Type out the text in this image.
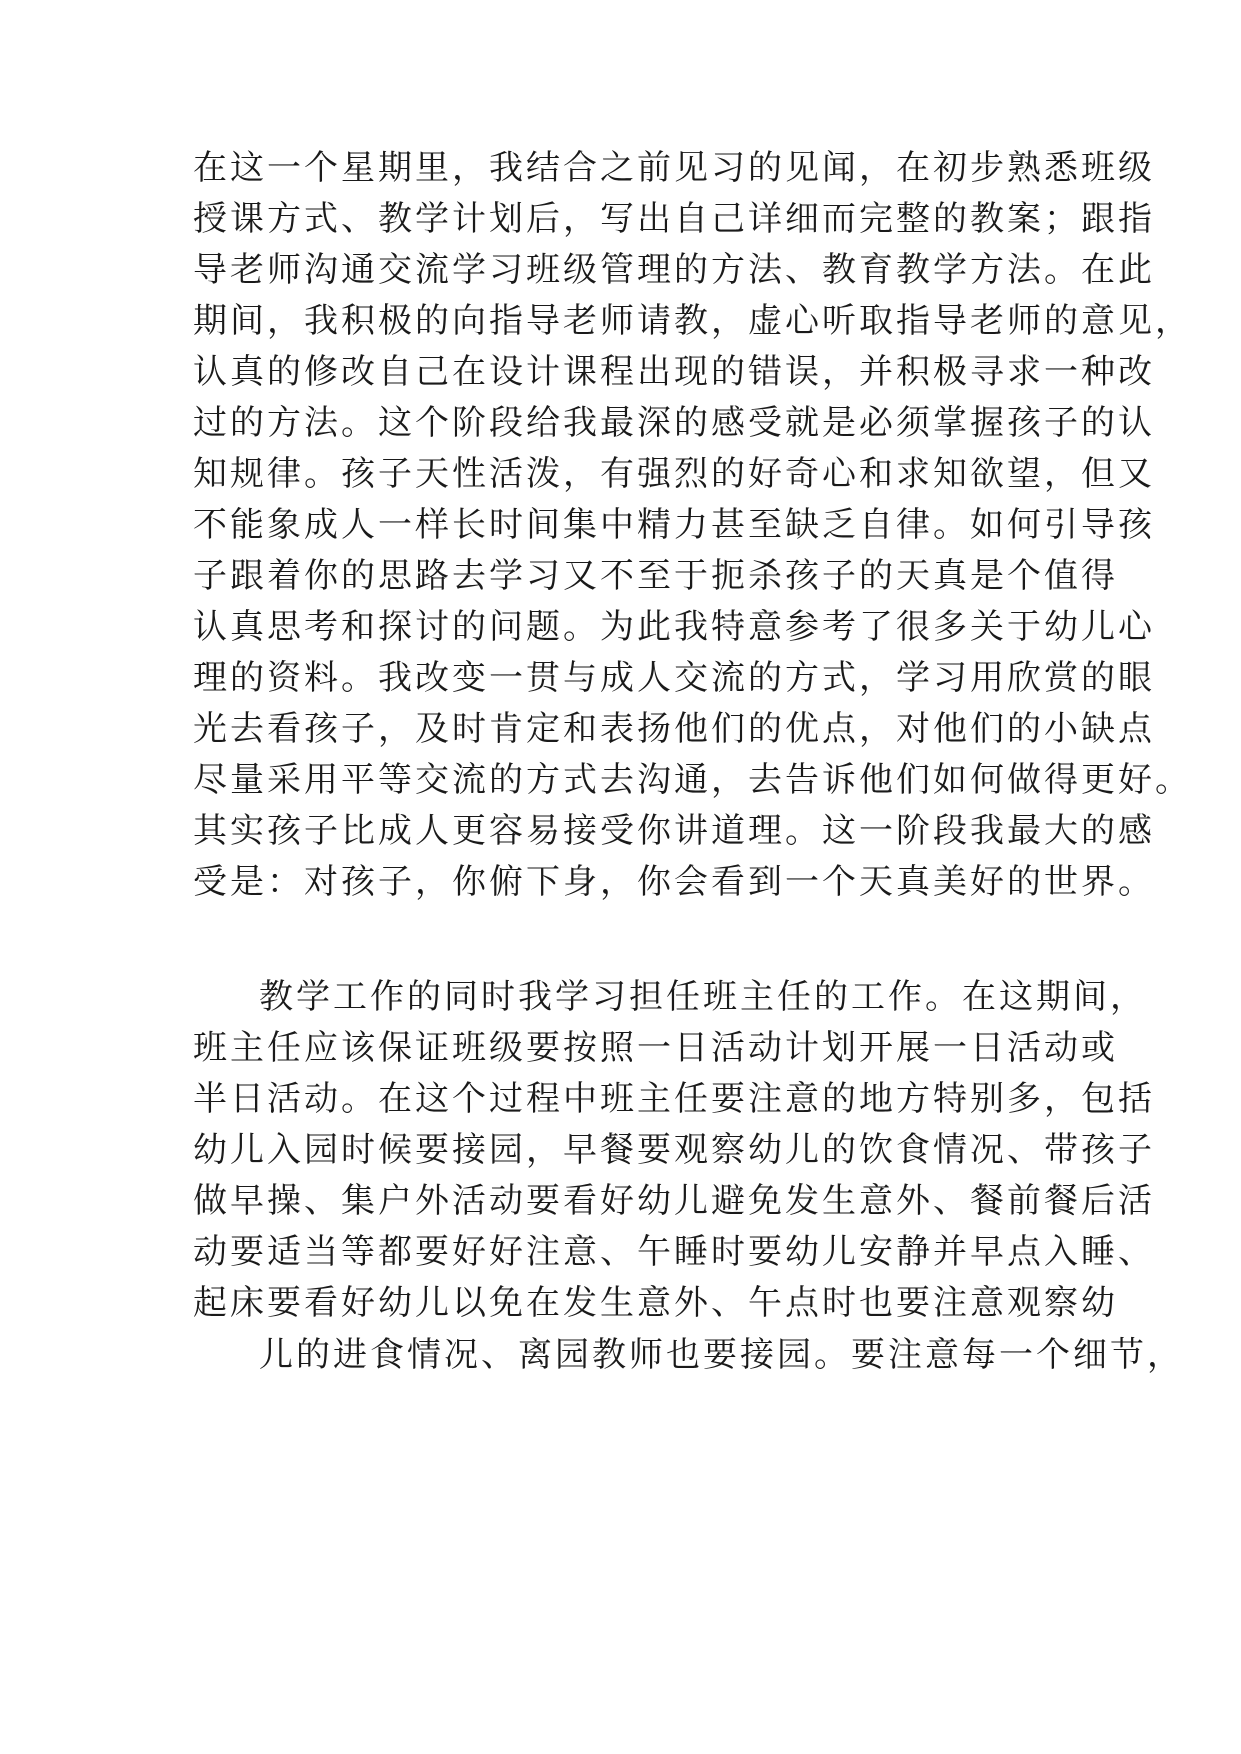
在这一个星期里，我结合之前见习的见闻，在初步熟悉班级
授课方式、教学计划后，写出自己详细而完整的教案；跟指
导老师沟通交流学习班级管理的方法、教育教学方法。在此
期间，我积极的向指导老师请教，虚心听取指导老师的意见，
认真的修改自己在设计课程出现的错误，并积极寻求一种改
过的方法。这个阶段给我最深的感受就是必须掌握孩子的认
知规律。孩子天性活泼，有强烈的好奇心和求知欲望，但又
不能象成人一样长时间集中精力甚至缺乏自律。如何引导孩
子跟着你的思路去学习又不至于扼杀孩子的天真是个值得
认真思考和探讨的问题。为此我特意参考了很多关于幼儿心
理的资料。我改变一贯与成人交流的方式，学习用欣赏的眼
光去看孩子，及时肯定和表扬他们的优点，对他们的小缺点
尽量采用平等交流的方式去沟通，去告诉他们如何做得更好。
其实孩子比成人更容易接受你讲道理。这一阶段我最大的感
受是：对孩子，你俯下身，你会看到一个天真美好的世界。
教学工作的同时我学习担任班主任的工作。在这期间，
班主任应该保证班级要按照一日活动计划开展一日活动或
半日活动。在这个过程中班主任要注意的地方特别多，包括
幼儿入园时候要接园，早餐要观察幼儿的饮食情况、带孩子
做早操、集户外活动要看好幼儿避免发生意外、餐前餐后活
动要适当等都要好好注意、午睡时要幼儿安静并早点入睡、
起床要看好幼儿以免在发生意外、午点时也要注意观察幼
儿的进食情况、离园教师也要接园。要注意每一个细节，
